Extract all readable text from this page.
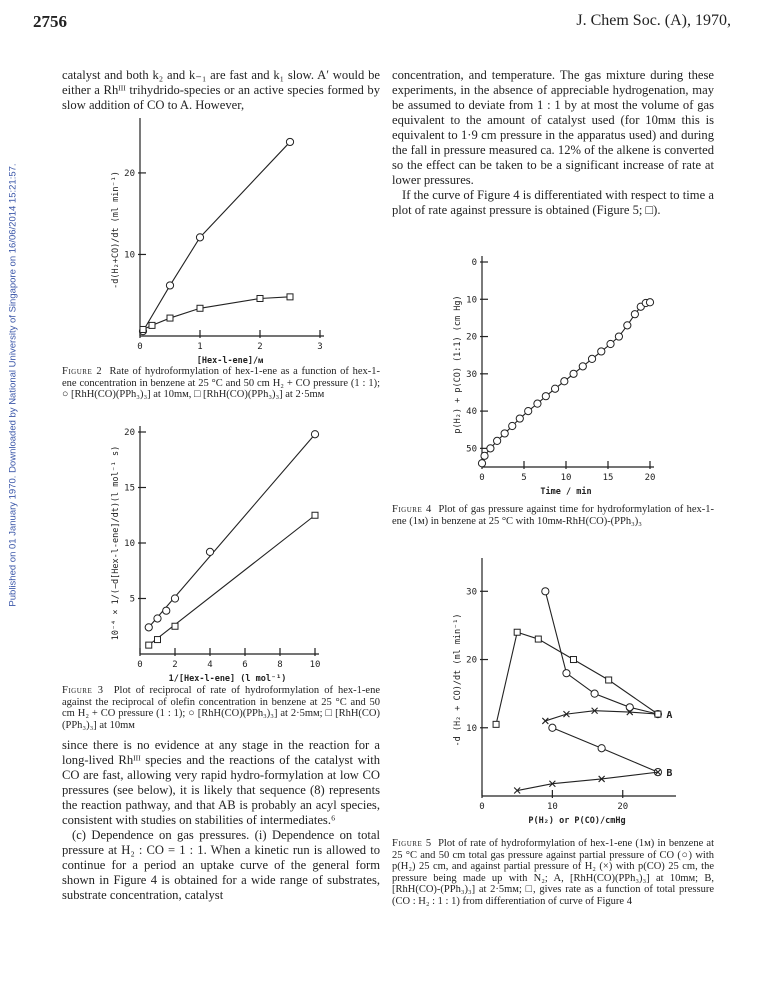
2756	J. Chem Soc. (A), 1970,
Published on 01 January 1970. Downloaded by National University of Singapore on 16/06/2014 15:21:57.

catalyst and both k₂ and k₋₁ are fast and k₁ slow. A′ would be either a Rhᴵᴵᴵ trihydrido-species or an active species formed by slow addition of CO to A. However,

concentration, and temperature. The gas mixture during these experiments, in the absence of appreciable hydrogenation, may be assumed to deviate from 1 : 1 by at most the volume of gas equivalent to the amount of catalyst used (for 10mᴍ this is equivalent to 1·9 cm pressure in the apparatus used) and during the fall in pressure measured ca. 12% of the alkene is converted so the effect can be taken to be a significant increase of rate at lower pressures.

If the curve of Figure 4 is differentiated with respect to time a plot of rate against pressure is obtained (Figure 5; □).

0	1	2	3
10
20
[Hex-l-ene]/ᴍ
-d(H₂+CO)/dt (ml min⁻¹)
Figure 2 Rate of hydroformylation of hex-1-ene as a function of hex-1-ene concentration in benzene at 25 °C and 50 cm H₂ + CO pressure (1 : 1); ○ [RhH(CO)(PPh₃)₃] at 10mᴍ, □ [RhH(CO)(PPh₃)₃] at 2·5mᴍ
0	2	4	6	8	10
5
10
15
20
1/[Hex-l-ene] (l mol⁻¹)
10⁻⁴ × 1/(−d[Hex-l-ene]/dt)(l mol⁻¹ s)
Figure 3 Plot of reciprocal of rate of hydroformylation of hex-1-ene against the reciprocal of olefin concentration in benzene at 25 °C and 50 cm H₂ + CO pressure (1 : 1); ○ [RhH(CO)(PPh₃)₃] at 2·5mᴍ; □ [RhH(CO)(PPh₃)₃] at 10mᴍ

since there is no evidence at any stage in the reaction for a long-lived Rhᴵᴵᴵ species and the reactions of the catalyst with CO are fast, allowing very rapid hydro-formylation at low CO pressures (see below), it is likely that sequence (8) represents the reaction pathway, and that AB is probably an acyl species, consistent with studies on stabilities of intermediates.⁶

(c) Dependence on gas pressures. (i) Dependence on total pressure at H₂ : CO = 1 : 1. When a kinetic run is allowed to continue for a period an uptake curve of the general form shown in Figure 4 is obtained for a wide range of substrates, substrate concentration, catalyst

0	5	10	15	20
0
10
20
30
40
50
Time / min
p(H₂) + p(CO) (1:1) (cm Hg)
Figure 4 Plot of gas pressure against time for hydroformylation of hex-1-ene (1ᴍ) in benzene at 25 °C with 10mᴍ-RhH(CO)-(PPh₃)₃
0	10	20
10
20
30
P(H₂) or P(CO)/cmHg
-d (H₂ + CO)/dt (ml min⁻¹)	A
B
Figure 5 Plot of rate of hydroformylation of hex-1-ene (1ᴍ) in benzene at 25 °C and 50 cm total gas pressure against partial pressure of CO (○) with p(H₂) 25 cm, and against partial pressure of H₂ (×) with p(CO) 25 cm, the pressure being made up with N₂; A, [RhH(CO)(PPh₃)₃] at 10mᴍ; B, [RhH(CO)-(PPh₃)₃] at 2·5mᴍ; □, gives rate as a function of total pressure (CO : H₂ : 1 : 1) from differentiation of curve of Figure 4
